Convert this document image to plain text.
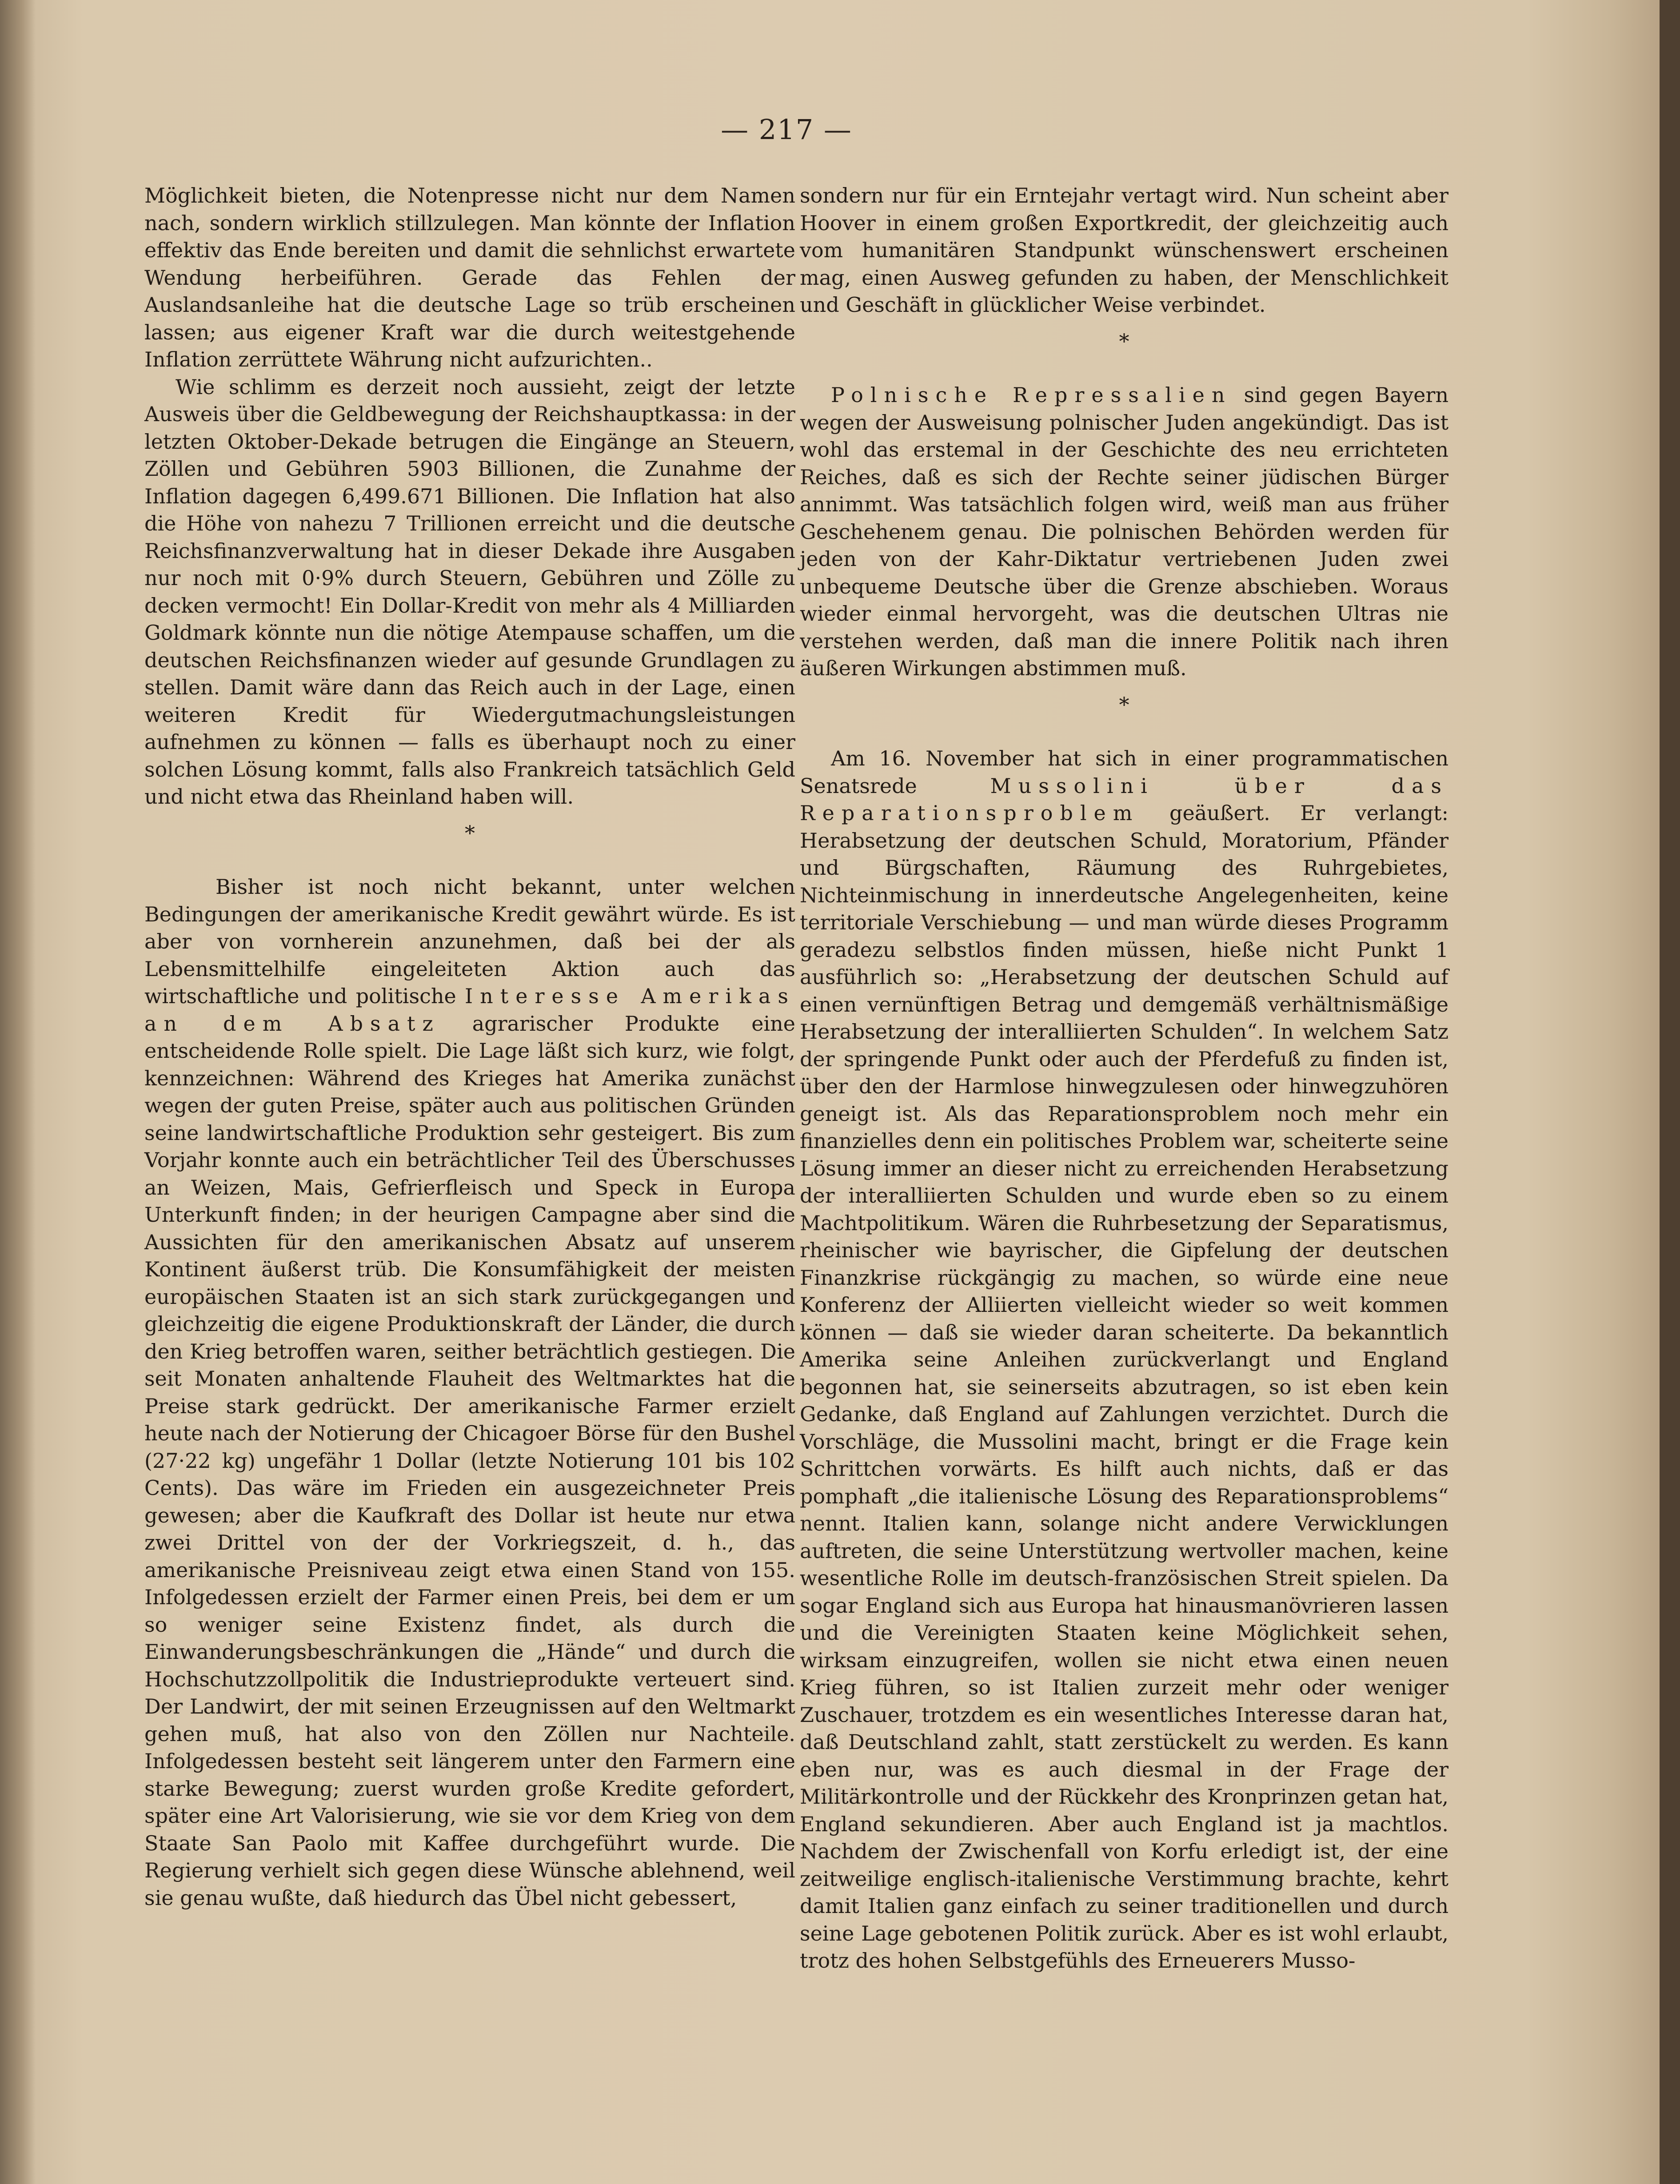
— 217 —

Möglichkeit bieten, die Notenpresse nicht nur dem Namen nach, sondern wirklich stillzulegen. Man könnte der Inflation effektiv das Ende bereiten und damit die sehnlichst erwartete Wendung herbeiführen. Gerade das Fehlen der Auslandsanleihe hat die deutsche Lage so trüb erscheinen lassen; aus eigener Kraft war die durch weitestgehende Inflation zerrüttete Währung nicht aufzurichten..

Wie schlimm es derzeit noch aussieht, zeigt der letzte Ausweis über die Geldbewegung der Reichshauptkassa: in der letzten Oktober-Dekade betrugen die Eingänge an Steuern, Zöllen und Gebühren 5903 Billionen, die Zunahme der Inflation dagegen 6,499.671 Billionen. Die Inflation hat also die Höhe von nahezu 7 Trillionen erreicht und die deutsche Reichsfinanzverwaltung hat in dieser Dekade ihre Ausgaben nur noch mit 0·9% durch Steuern, Gebühren und Zölle zu decken vermocht! Ein Dollar-Kredit von mehr als 4 Milliarden Goldmark könnte nun die nötige Atempause schaffen, um die deutschen Reichsfinanzen wieder auf gesunde Grundlagen zu stellen. Damit wäre dann das Reich auch in der Lage, einen weiteren Kredit für Wiedergutmachungsleistungen aufnehmen zu können — falls es überhaupt noch zu einer solchen Lösung kommt, falls also Frankreich tatsächlich Geld und nicht etwa das Rheinland haben will.

*

Bisher ist noch nicht bekannt, unter welchen Bedingungen der amerikanische Kredit gewährt würde. Es ist aber von vornherein anzunehmen, daß bei der als Lebensmittelhilfe eingeleiteten Aktion auch das wirtschaftliche und politische Interesse Amerikas an dem Absatz agrarischer Produkte eine entscheidende Rolle spielt. Die Lage läßt sich kurz, wie folgt, kennzeichnen: Während des Krieges hat Amerika zunächst wegen der guten Preise, später auch aus politischen Gründen seine landwirtschaftliche Produktion sehr gesteigert. Bis zum Vorjahr konnte auch ein beträchtlicher Teil des Überschusses an Weizen, Mais, Gefrierfleisch und Speck in Europa Unterkunft finden; in der heurigen Campagne aber sind die Aussichten für den amerikanischen Absatz auf unserem Kontinent äußerst trüb. Die Konsumfähigkeit der meisten europäischen Staaten ist an sich stark zurückgegangen und gleichzeitig die eigene Produktionskraft der Länder, die durch den Krieg betroffen waren, seither beträchtlich gestiegen. Die seit Monaten anhaltende Flauheit des Weltmarktes hat die Preise stark gedrückt. Der amerikanische Farmer erzielt heute nach der Notierung der Chicagoer Börse für den Bushel (27·22 kg) ungefähr 1 Dollar (letzte Notierung 101 bis 102 Cents). Das wäre im Frieden ein ausgezeichneter Preis gewesen; aber die Kaufkraft des Dollar ist heute nur etwa zwei Drittel von der der Vorkriegszeit, d. h., das amerikanische Preisniveau zeigt etwa einen Stand von 155. Infolgedessen erzielt der Farmer einen Preis, bei dem er um so weniger seine Existenz findet, als durch die Einwanderungsbeschränkungen die „Hände“ und durch die Hochschutzzollpolitik die Industrieprodukte verteuert sind. Der Landwirt, der mit seinen Erzeugnissen auf den Weltmarkt gehen muß, hat also von den Zöllen nur Nachteile. Infolgedessen besteht seit längerem unter den Farmern eine starke Bewegung; zuerst wurden große Kredite gefordert, später eine Art Valorisierung, wie sie vor dem Krieg von dem Staate San Paolo mit Kaffee durchgeführt wurde. Die Regierung verhielt sich gegen diese Wünsche ablehnend, weil sie genau wußte, daß hiedurch das Übel nicht gebessert,

sondern nur für ein Erntejahr vertagt wird. Nun scheint aber Hoover in einem großen Exportkredit, der gleichzeitig auch vom humanitären Standpunkt wünschenswert erscheinen mag, einen Ausweg gefunden zu haben, der Menschlichkeit und Geschäft in glücklicher Weise verbindet.

*

Polnische Repressalien sind gegen Bayern wegen der Ausweisung polnischer Juden angekündigt. Das ist wohl das erstemal in der Geschichte des neu errichteten Reiches, daß es sich der Rechte seiner jüdischen Bürger annimmt. Was tatsächlich folgen wird, weiß man aus früher Geschehenem genau. Die polnischen Behörden werden für jeden von der Kahr-Diktatur vertriebenen Juden zwei unbequeme Deutsche über die Grenze abschieben. Woraus wieder einmal hervorgeht, was die deutschen Ultras nie verstehen werden, daß man die innere Politik nach ihren äußeren Wirkungen abstimmen muß.

*

Am 16. November hat sich in einer programmatischen Senatsrede	Mussolini über das Reparationsproblem geäußert. Er verlangt: Herabsetzung der deutschen Schuld, Moratorium, Pfänder und Bürgschaften, Räumung des Ruhrgebietes, Nichteinmischung in innerdeutsche Angelegenheiten, keine territoriale Verschiebung — und man würde dieses Programm geradezu selbstlos finden müssen, hieße nicht Punkt 1 ausführlich so: „Herabsetzung der deutschen Schuld auf einen vernünftigen Betrag und demgemäß verhältnismäßige Herabsetzung der interalliierten Schulden“. In welchem Satz der springende Punkt oder auch der Pferdefuß zu finden ist, über den der Harmlose hinwegzulesen oder hinwegzuhören geneigt ist. Als das Reparationsproblem noch mehr ein finanzielles denn ein politisches Problem war, scheiterte seine Lösung immer an dieser nicht zu erreichenden Herabsetzung der interalliierten Schulden und wurde eben so zu einem Machtpolitikum. Wären die Ruhrbesetzung der Separatismus, rheinischer wie bayrischer, die Gipfelung der deutschen Finanzkrise rückgängig zu machen, so würde eine neue Konferenz der Alliierten vielleicht wieder so weit kommen können — daß sie wieder daran scheiterte. Da bekanntlich Amerika seine Anleihen zurückverlangt und England begonnen hat, sie seinerseits abzutragen, so ist eben kein Gedanke, daß England auf Zahlungen verzichtet. Durch die Vorschläge, die Mussolini macht, bringt er die Frage kein Schrittchen vorwärts. Es hilft auch nichts, daß er das pomphaft „die italienische Lösung des Reparationsproblems“ nennt. Italien kann, solange nicht andere Verwicklungen auftreten, die seine Unterstützung wertvoller machen, keine wesentliche Rolle im deutsch-französischen Streit spielen. Da sogar England sich aus Europa hat hinausmanövrieren lassen und die Vereinigten Staaten keine Möglichkeit sehen, wirksam einzugreifen, wollen sie nicht etwa einen neuen Krieg führen, so ist Italien zurzeit mehr oder weniger Zuschauer, trotzdem es ein wesentliches Interesse daran hat, daß Deutschland zahlt, statt zerstückelt zu werden. Es kann eben nur, was es auch diesmal in der Frage der Militärkontrolle und der Rückkehr des Kronprinzen getan hat, England sekundieren. Aber auch England ist ja machtlos. Nachdem der Zwischenfall von Korfu erledigt ist, der eine zeitweilige englisch-italienische Verstimmung brachte, kehrt damit Italien ganz einfach zu seiner traditionellen und durch seine Lage gebotenen Politik zurück. Aber es ist wohl erlaubt, trotz des hohen Selbstgefühls des Erneuerers Musso-
